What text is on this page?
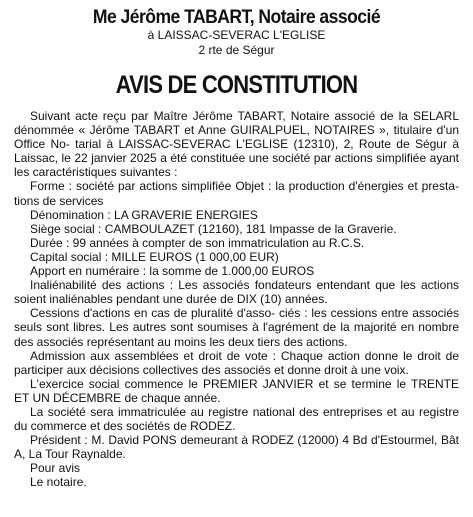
Me Jérôme TABART, Notaire associé
à LAISSAC-SEVERAC L'EGLISE
2 rte de Ségur
AVIS DE CONSTITUTION

Suivant acte reçu par Maître Jérôme TABART, Notaire associé de la SELARL dénommée « Jérôme TABART et Anne GUIRALPUEL, NOTAIRES », titulaire d'un Office No- tarial à LAISSAC-SEVERAC L'EGLISE (12310), 2, Route de Ségur à Laissac, le 22 janvier 2025 a été constituée une société par actions simplifiée ayant les caractéristiques suivantes :

Forme : société par actions simplifiée Objet : la production d'énergies et presta- tions de services

Dénomination : LA GRAVERIE ENERGIES

Siège social : CAMBOULAZET (12160), 181 Impasse de la Graverie.

Durée : 99 années à compter de son immatriculation au R.C.S.

Capital social : MILLE EUROS (1 000,00 EUR)

Apport en numéraire : la somme de 1.000,00 EUROS

Inaliénabilité des actions : Les associés fondateurs entendant que les actions soient inaliénables pendant une durée de DIX (10) années.

Cessions d'actions en cas de pluralité d'asso- ciés : les cessions entre associés seuls sont libres. Les autres sont soumises à l'agrément de la majorité en nombre des associés représentant au moins les deux tiers des actions.

Admission aux assemblées et droit de vote : Chaque action donne le droit de participer aux décisions collectives des associés et donne droit à une voix.

L'exercice social commence le PREMIER JANVIER et se termine le TRENTE ET UN DÉCEMBRE de chaque année.

La société sera immatriculée au registre national des entreprises et au registre du commerce et des sociétés de RODEZ.

Président : M. David PONS demeurant à RODEZ (12000) 4 Bd d'Estourmel, Bât A, La Tour Raynalde.

Pour avis

Le notaire.
